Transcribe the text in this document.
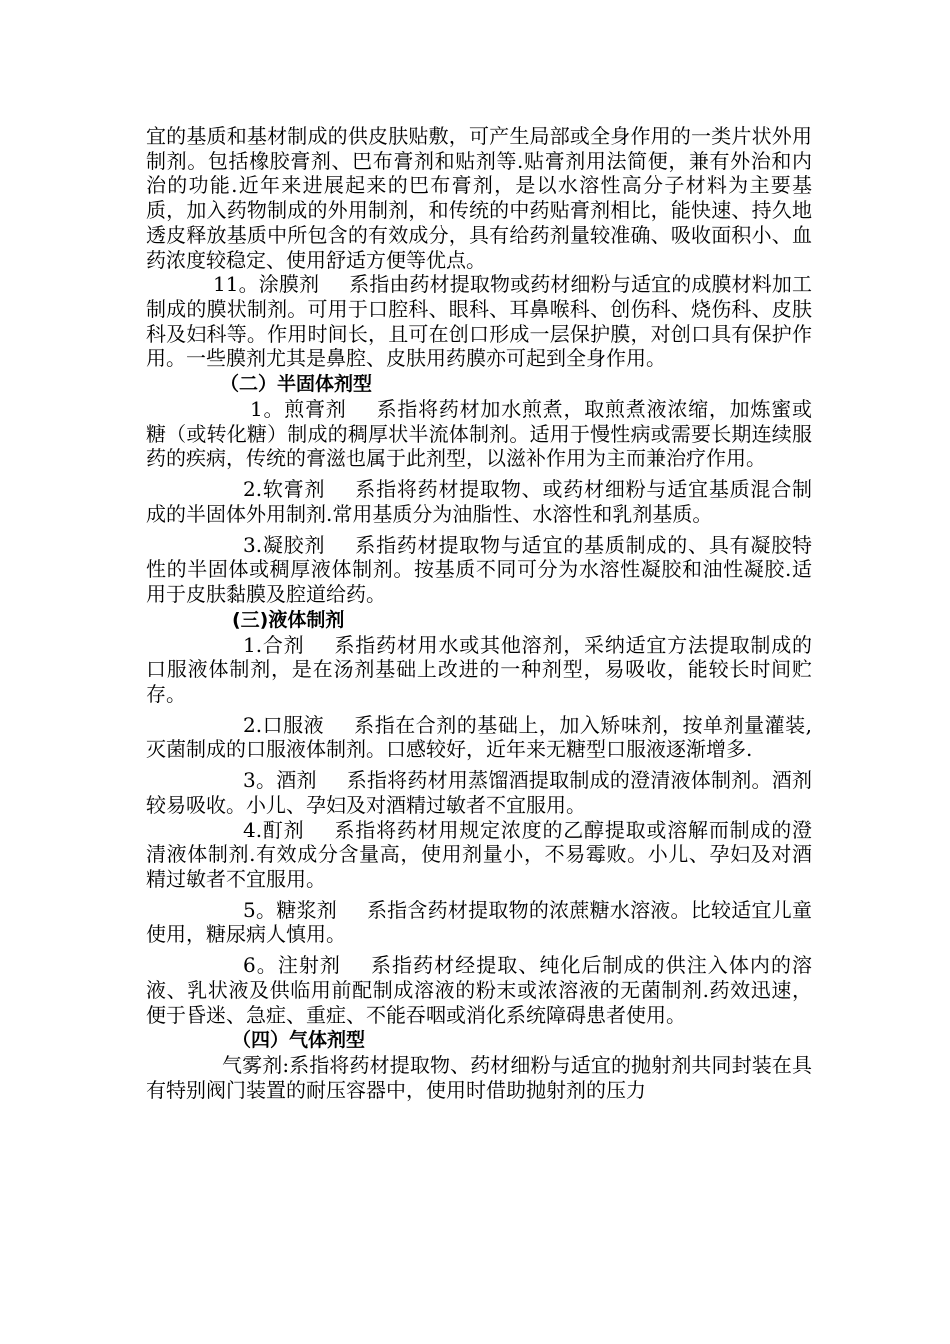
宜的基质和基材制成的供皮肤贴敷，可产生局部或全身作用的一类片状外用制剂。包括橡胶膏剂、巴布膏剂和贴剂等.贴膏剂用法简便，兼有外治和内治的功能.近年来进展起来的巴布膏剂，是以水溶性高分子材料为主要基质，加入药物制成的外用制剂，和传统的中药贴膏剂相比，能快速、持久地透皮释放基质中所包含的有效成分，具有给药剂量较准确、吸收面积小、血药浓度较稳定、使用舒适方便等优点。

11。涂膜剂 系指由药材提取物或药材细粉与适宜的成膜材料加工制成的膜状制剂。可用于口腔科、眼科、耳鼻喉科、创伤科、烧伤科、皮肤科及妇科等。作用时间长，且可在创口形成一层保护膜，对创口具有保护作用。一些膜剂尤其是鼻腔、皮肤用药膜亦可起到全身作用。

（二）半固体剂型

1。煎膏剂 系指将药材加水煎煮，取煎煮液浓缩，加炼蜜或糖（或转化糖）制成的稠厚状半流体制剂。适用于慢性病或需要长期连续服药的疾病，传统的膏滋也属于此剂型，以滋补作用为主而兼治疗作用。

2.软膏剂 系指将药材提取物、或药材细粉与适宜基质混合制成的半固体外用制剂.常用基质分为油脂性、水溶性和乳剂基质。

3.凝胶剂 系指药材提取物与适宜的基质制成的、具有凝胶特性的半固体或稠厚液体制剂。按基质不同可分为水溶性凝胶和油性凝胶.适用于皮肤黏膜及腔道给药。

(三)液体制剂

1.合剂 系指药材用水或其他溶剂，采纳适宜方法提取制成的口服液体制剂，是在汤剂基础上改进的一种剂型，易吸收，能较长时间贮存。

2.口服液 系指在合剂的基础上，加入矫味剂，按单剂量灌装,灭菌制成的口服液体制剂。口感较好，近年来无糖型口服液逐渐增多.

3。酒剂 系指将药材用蒸馏酒提取制成的澄清液体制剂。酒剂较易吸收。小儿、孕妇及对酒精过敏者不宜服用。

4.酊剂 系指将药材用规定浓度的乙醇提取或溶解而制成的澄清液体制剂.有效成分含量高，使用剂量小，不易霉败。小儿、孕妇及对酒精过敏者不宜服用。

5。糖浆剂 系指含药材提取物的浓蔗糖水溶液。比较适宜儿童使用，糖尿病人慎用。

6。注射剂 系指药材经提取、纯化后制成的供注入体内的溶液、乳状液及供临用前配制成溶液的粉末或浓溶液的无菌制剂.药效迅速，便于昏迷、急症、重症、不能吞咽或消化系统障碍患者使用。

（四）气体剂型

气雾剂:系指将药材提取物、药材细粉与适宜的抛射剂共同封装在具有特别阀门装置的耐压容器中，使用时借助抛射剂的压力
